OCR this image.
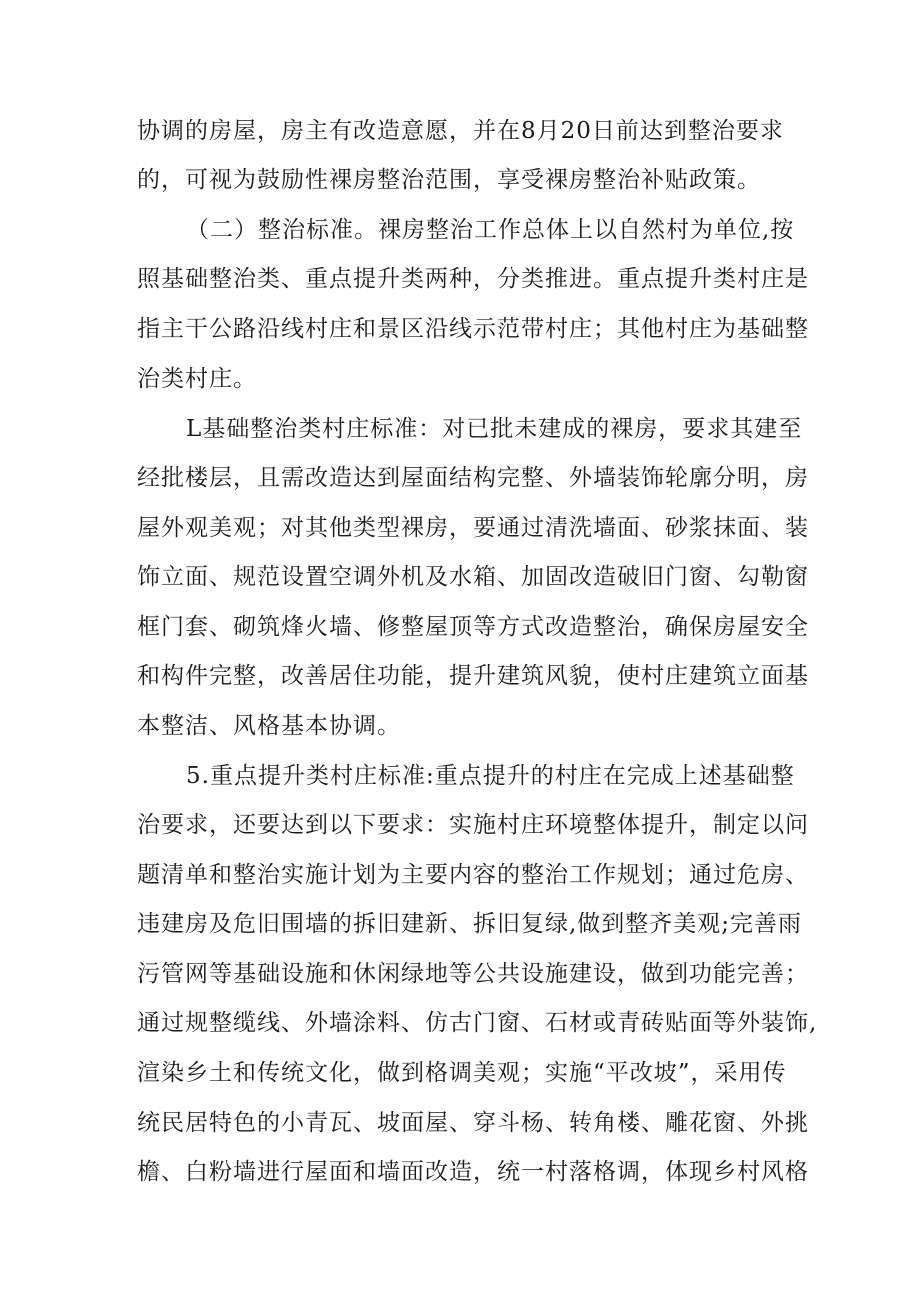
协调的房屋，房主有改造意愿，并在8月20日前达到整治要求
的，可视为鼓励性裸房整治范围，享受裸房整治补贴政策。
（二）整治标准。裸房整治工作总体上以自然村为单位,按
照基础整治类、重点提升类两种，分类推进。重点提升类村庄是
指主干公路沿线村庄和景区沿线示范带村庄；其他村庄为基础整
治类村庄。
L基础整治类村庄标准：对已批未建成的裸房，要求其建至
经批楼层，且需改造达到屋面结构完整、外墙装饰轮廓分明，房
屋外观美观；对其他类型裸房，要通过清洗墙面、砂浆抹面、装
饰立面、规范设置空调外机及水箱、加固改造破旧门窗、勾勒窗
框门套、砌筑烽火墙、修整屋顶等方式改造整治，确保房屋安全
和构件完整，改善居住功能，提升建筑风貌，使村庄建筑立面基
本整洁、风格基本协调。
5.重点提升类村庄标准:重点提升的村庄在完成上述基础整
治要求，还要达到以下要求：实施村庄环境整体提升，制定以问
题清单和整治实施计划为主要内容的整治工作规划；通过危房、
违建房及危旧围墙的拆旧建新、拆旧复绿,做到整齐美观;完善雨
污管网等基础设施和休闲绿地等公共设施建设，做到功能完善；
通过规整缆线、外墙涂料、仿古门窗、石材或青砖贴面等外装饰,
渲染乡土和传统文化，做到格调美观；实施“平改坡”，采用传
统民居特色的小青瓦、坡面屋、穿斗杨、转角楼、雕花窗、外挑
檐、白粉墙进行屋面和墙面改造，统一村落格调，体现乡村风格
